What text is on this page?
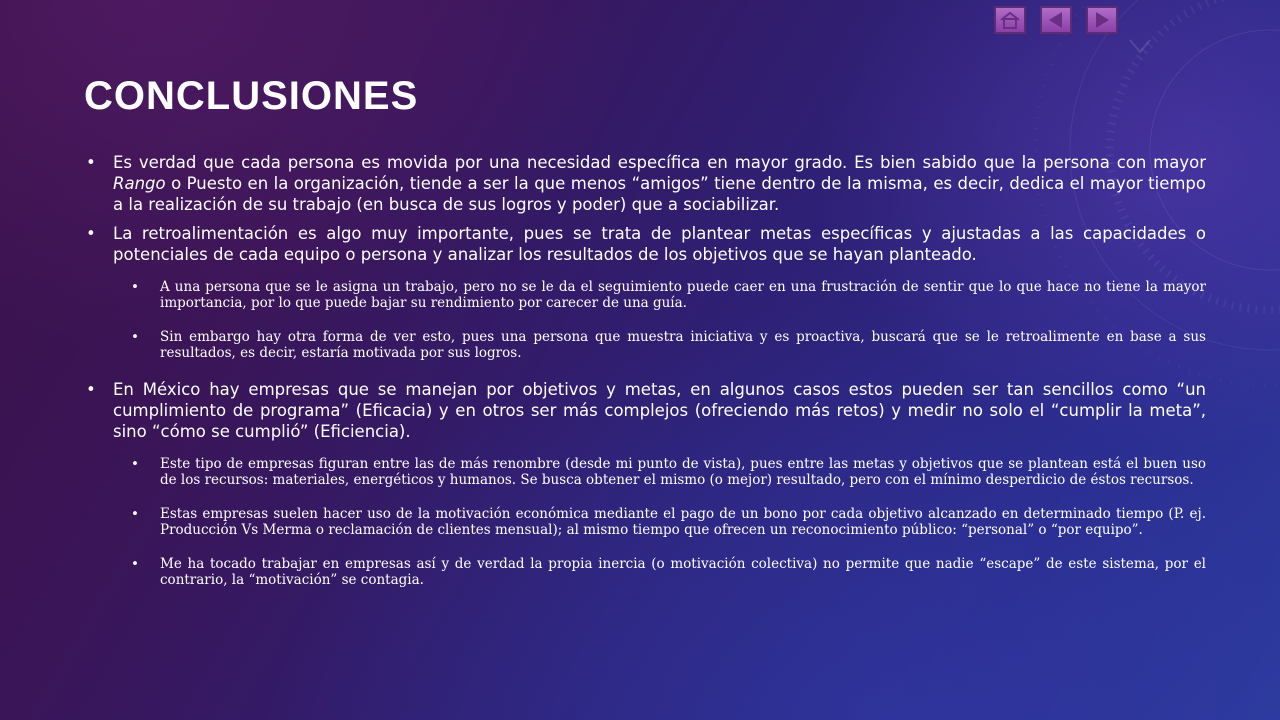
CONCLUSIONES
• Es verdad que cada persona es movida por una necesidad específica en mayor grado. Es bien sabido que la persona con mayor Rango o Puesto en la organización, tiende a ser la que menos “amigos” tiene dentro de la misma, es decir, dedica el mayor tiempo a la realización de su trabajo (en busca de sus logros y poder) que a sociabilizar.
• La retroalimentación es algo muy importante, pues se trata de plantear metas específicas y ajustadas a las capacidades o potenciales de cada equipo o persona y analizar los resultados de los objetivos que se hayan planteado.
• A una persona que se le asigna un trabajo, pero no se le da el seguimiento puede caer en una frustración de sentir que lo que hace no tiene la mayor importancia, por lo que puede bajar su rendimiento por carecer de una guía.
• Sin embargo hay otra forma de ver esto, pues una persona que muestra iniciativa y es proactiva, buscará que se le retroalimente en base a sus resultados, es decir, estaría motivada por sus logros.
• En México hay empresas que se manejan por objetivos y metas, en algunos casos estos pueden ser tan sencillos como “un cumplimiento de programa” (Eficacia) y en otros ser más complejos (ofreciendo más retos) y medir no solo el “cumplir la meta”, sino “cómo se cumplió” (Eficiencia).
• Este tipo de empresas figuran entre las de más renombre (desde mi punto de vista), pues entre las metas y objetivos que se plantean está el buen uso de los recursos: materiales, energéticos y humanos. Se busca obtener el mismo (o mejor) resultado, pero con el mínimo desperdicio de éstos recursos.
• Estas empresas suelen hacer uso de la motivación económica mediante el pago de un bono por cada objetivo alcanzado en determinado tiempo (P. ej. Producción Vs Merma o reclamación de clientes mensual); al mismo tiempo que ofrecen un reconocimiento público: “personal” o “por equipo”.
• Me ha tocado trabajar en empresas así y de verdad la propia inercia (o motivación colectiva) no permite que nadie “escape” de este sistema, por el contrario, la “motivación” se contagia.
